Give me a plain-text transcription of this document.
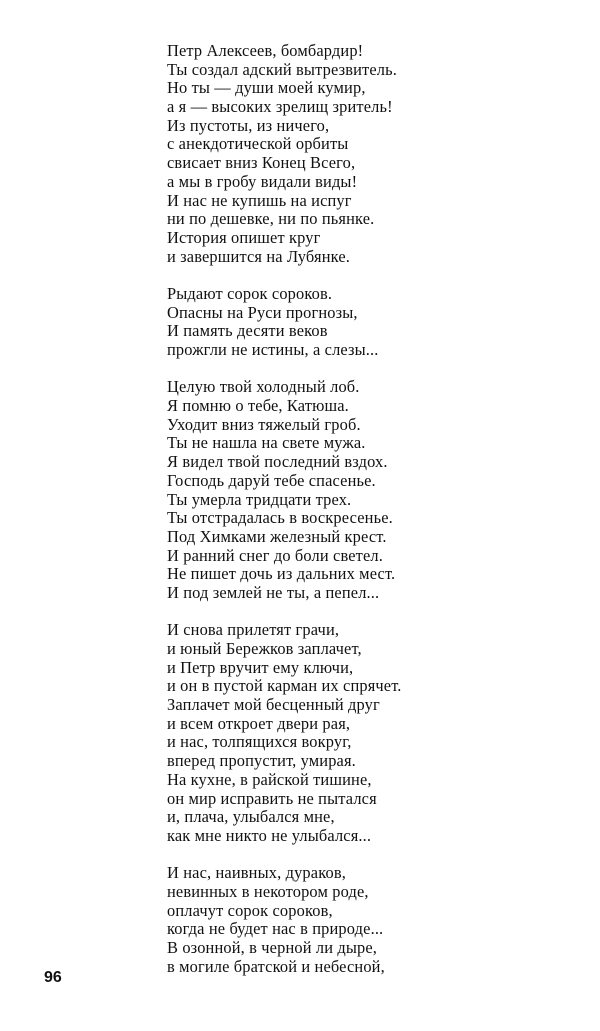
Петр Алексеев, бомбардир!
Ты создал адский вытрезвитель.
Но ты — души моей кумир,
а я — высоких зрелищ зритель!
Из пустоты, из ничего,
с анекдотической орбиты
свисает вниз Конец Всего,
а мы в гробу видали виды!
И нас не купишь на испуг
ни по дешевке, ни по пьянке.
История опишет круг
и завершится на Лубянке.
Рыдают сорок сороков.
Опасны на Руси прогнозы,
И память десяти веков
прожгли не истины, а слезы...
Целую твой холодный лоб.
Я помню о тебе, Катюша.
Уходит вниз тяжелый гроб.
Ты не нашла на свете мужа.
Я видел твой последний вздох.
Господь даруй тебе спасенье.
Ты умерла тридцати трех.
Ты отстрадалась в воскресенье.
Под Химками железный крест.
И ранний снег до боли светел.
Не пишет дочь из дальних мест.
И под землей не ты, а пепел...
И снова прилетят грачи,
и юный Бережков заплачет,
и Петр вручит ему ключи,
и он в пустой карман их спрячет.
Заплачет мой бесценный друг
и всем откроет двери рая,
и нас, толпящихся вокруг,
вперед пропустит, умирая.
На кухне, в райской тишине,
он мир исправить не пытался
и, плача, улыбался мне,
как мне никто не улыбался...
И нас, наивных, дураков,
невинных в некотором роде,
оплачут сорок сороков,
когда не будет нас в природе...
В озонной, в черной ли дыре,
в могиле братской и небесной,
96
